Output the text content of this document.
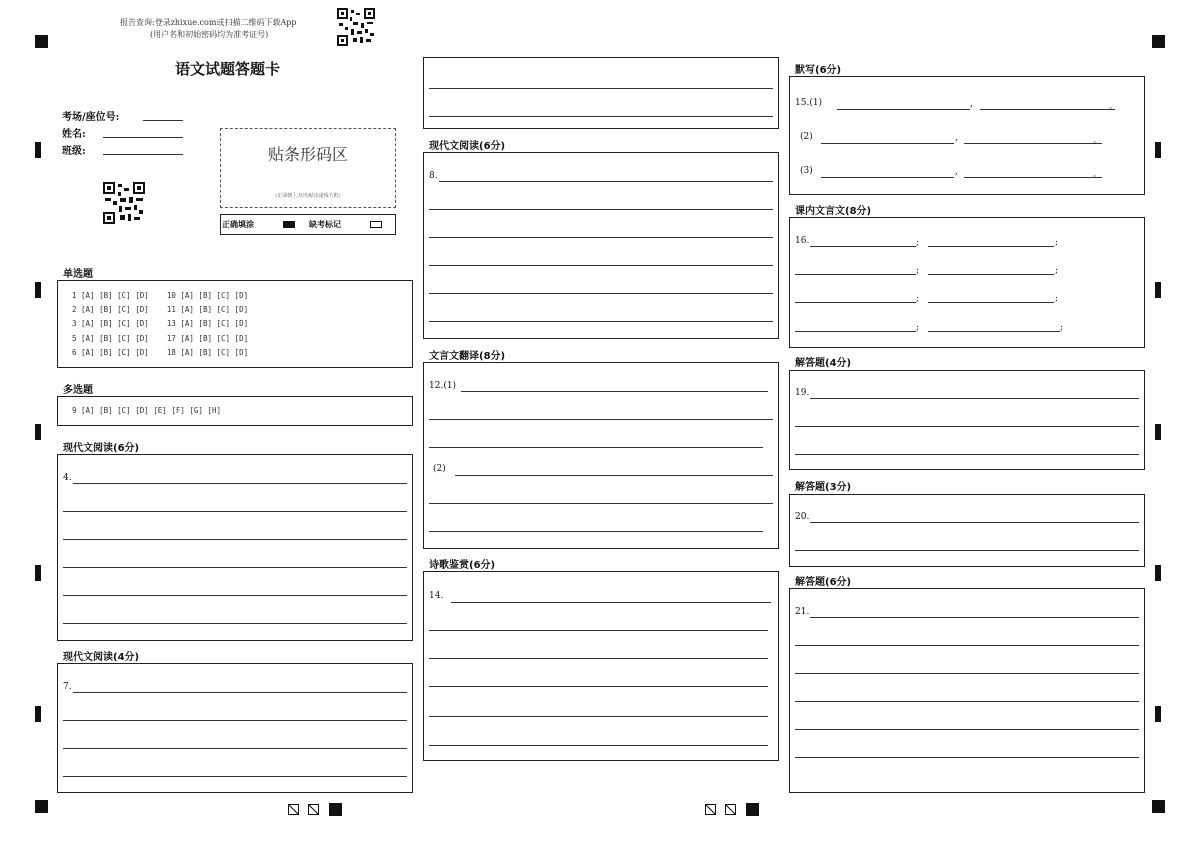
报告查询:登录zhixue.com或扫描二维码下载App
(用户名和初始密码均为准考证号)
语文试题答题卡
考场/座位号:
姓名:
班级:	贴条形码区
(正面朝上,切勿贴出虚线方框)
正确填涂	缺考标记
单选题
1 [A] [B] [C] [D]    10 [A] [B] [C] [D]
2 [A] [B] [C] [D]    11 [A] [B] [C] [D]
3 [A] [B] [C] [D]    13 [A] [B] [C] [D]
5 [A] [B] [C] [D]    17 [A] [B] [C] [D]
6 [A] [B] [C] [D]    18 [A] [B] [C] [D]
多选题
9 [A] [B] [C] [D] [E] [F] [G] [H]
现代文阅读(6分)
4.
现代文阅读(4分)
7.
现代文阅读(6分)
8.
文言文翻译(8分)
12.(1)
(2)
诗歌鉴赏(6分)
14.
默写(6分)
15.(1)	,	。
(2)	,	。
(3)	,	。
课内文言文(8分)
16.	;	;
;	;
;	;
;	;
解答题(4分)
19.
解答题(3分)
20.
解答题(6分)
21.
